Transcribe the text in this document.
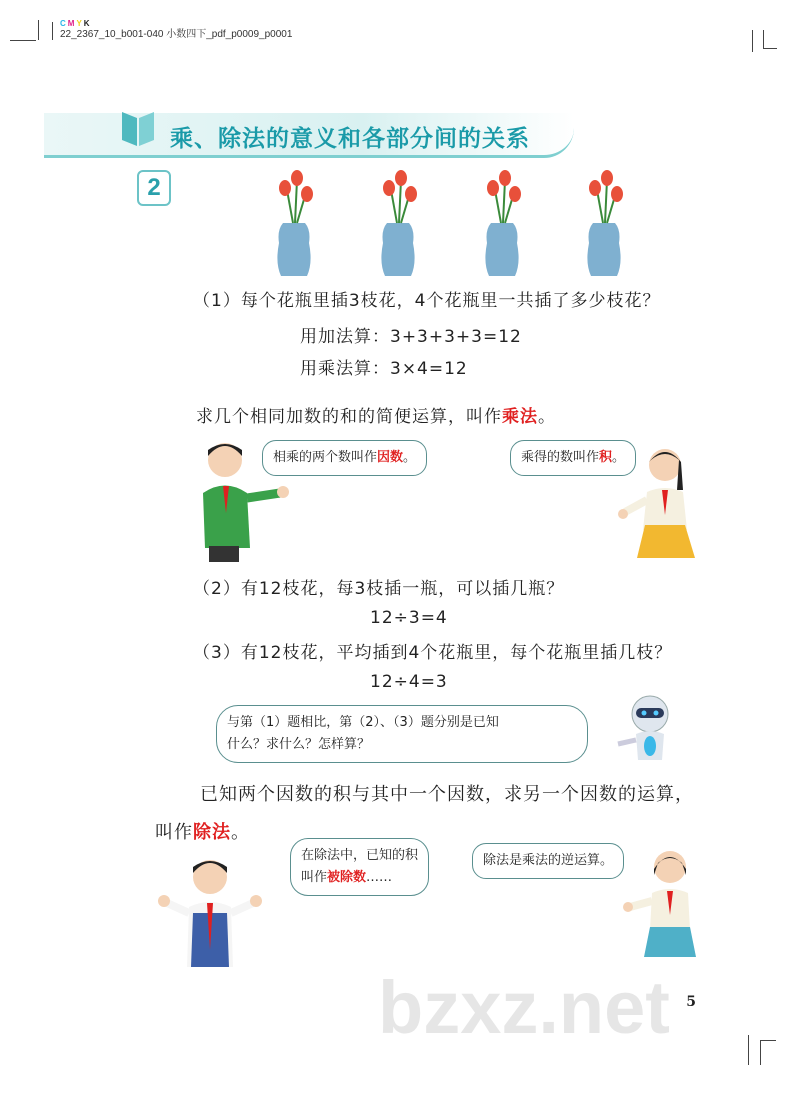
C M Y K
22_2367_10_b001-040 小数四下_pdf_p0009_p0001
乘、除法的意义和各部分间的关系
2
（1）每个花瓶里插3枝花，4个花瓶里一共插了多少枝花？
用加法算：3+3+3+3=12
用乘法算：3×4=12
求几个相同加数的和的简便运算，叫作乘法。
相乘的两个数叫作因数。	乘得的数叫作积。
（2）有12枝花，每3枝插一瓶，可以插几瓶？
12÷3=4
（3）有12枝花，平均插到4个花瓶里，每个花瓶里插几枝？
12÷4=3
与第（1）题相比，第（2）、（3）题分别是已知
什么？求什么？怎样算？
已知两个因数的积与其中一个因数，求另一个因数的运算，
叫作除法。
在除法中，已知的积
叫作被除数……
除法是乘法的逆运算。
bzxz.net 5
